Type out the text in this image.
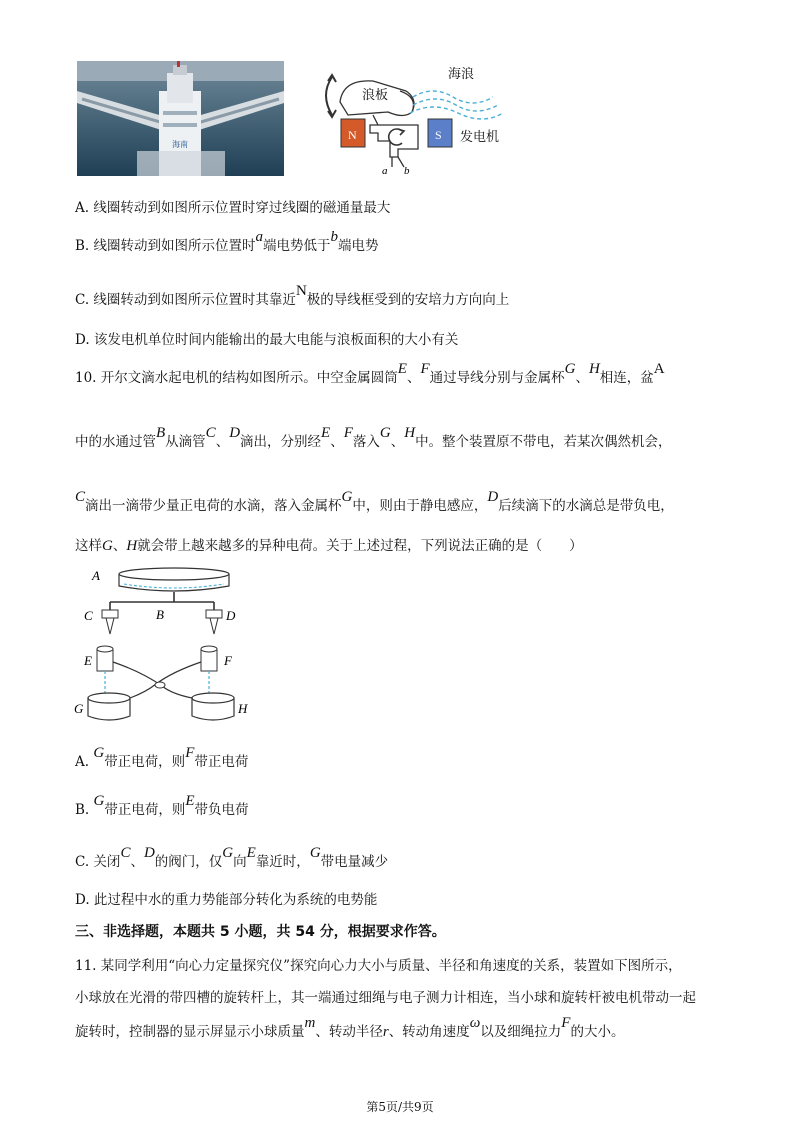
海南
N	S
a b
海浪
浪板
发电机
A. 线圈转动到如图所示位置时穿过线圈的磁通量最大
B. 线圈转动到如图所示位置时a端电势低于b端电势
C. 线圈转动到如图所示位置时其靠近N极的导线框受到的安培力方向向上
D. 该发电机单位时间内能输出的最大电能与浪板面积的大小有关
10. 开尔文滴水起电机的结构如图所示。中空金属圆筒E、F通过导线分别与金属杯G、H相连，盆A
中的水通过管B从滴管C、D滴出，分别经E、F落入G、H中。整个装置原不带电，若某次偶然机会，
C滴出一滴带少量正电荷的水滴，落入金属杯G中，则由于静电感应，D后续滴下的水滴总是带负电，
这样G、H就会带上越来越多的异种电荷。关于上述过程，下列说法正确的是（　　）
A
B
C	D
E	F
G	H
A. G带正电荷，则F带正电荷
B. G带正电荷，则E带负电荷
C. 关闭C、D的阀门，仅G向E靠近时，G带电量减少
D. 此过程中水的重力势能部分转化为系统的电势能
三、非选择题，本题共 5 小题，共 54 分，根据要求作答。
11. 某同学利用“向心力定量探究仪”探究向心力大小与质量、半径和角速度的关系，装置如下图所示，
小球放在光滑的带四槽的旋转杆上，其一端通过细绳与电子测力计相连，当小球和旋转杆被电机带动一起
旋转时，控制器的显示屏显示小球质量m、转动半径r、转动角速度ω以及细绳拉力F的大小。
第5页/共9页
